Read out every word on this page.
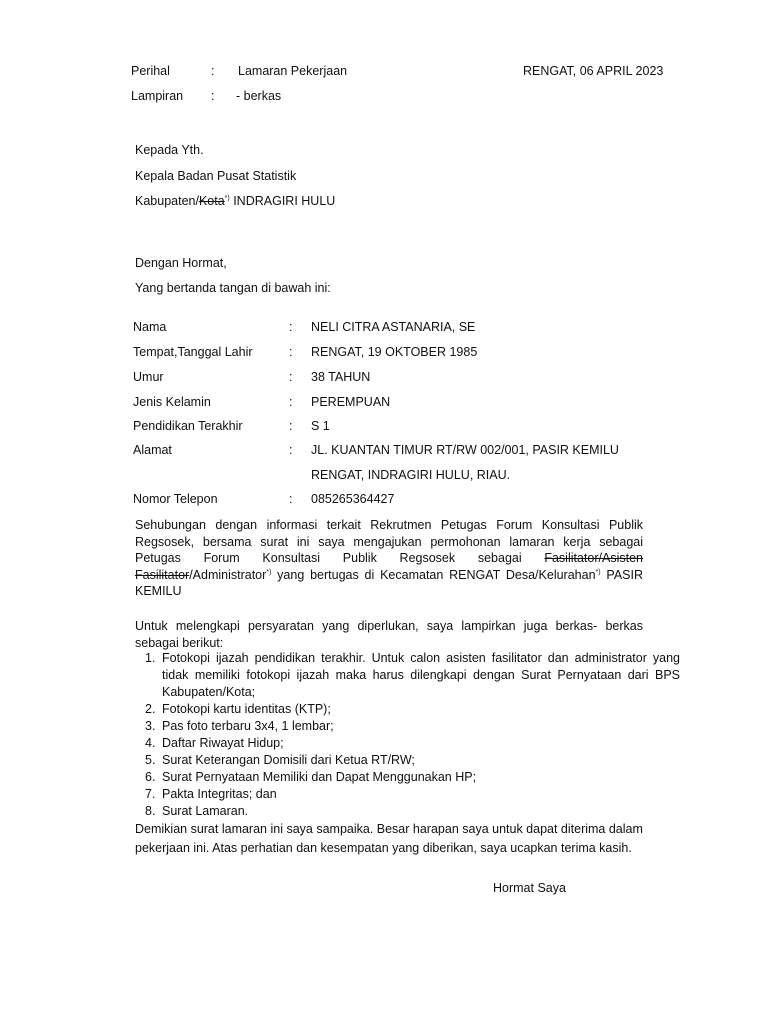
Perihal	: Lamaran Pekerjaan	RENGAT, 06 APRIL 2023
Lampiran : - berkas
Kepada Yth.
Kepala Badan Pusat Statistik
Kabupaten/Kota*) INDRAGIRI HULU
Dengan Hormat,
Yang bertanda tangan di bawah ini:
Nama	: NELI CITRA ASTANARIA, SE
Tempat,Tanggal Lahir	: RENGAT, 19 OKTOBER 1985
Umur	: 38 TAHUN
Jenis Kelamin	: PEREMPUAN
Pendidikan Terakhir	: S 1
Alamat	: JL. KUANTAN TIMUR RT/RW 002/001, PASIR KEMILU
RENGAT, INDRAGIRI HULU, RIAU.
Nomor Telepon	: 085265364427
Sehubungan dengan informasi terkait Rekrutmen Petugas Forum Konsultasi Publik Regsosek, bersama surat ini saya mengajukan permohonan lamaran kerja sebagai Petugas Forum Konsultasi Publik Regsosek sebagai Fasilitator/Asisten Fasilitator/Administrator*) yang bertugas di Kecamatan RENGAT Desa/Kelurahan*) PASIR KEMILU
Untuk melengkapi persyaratan yang diperlukan, saya lampirkan juga berkas- berkas sebagai berikut:
1. Fotokopi ijazah pendidikan terakhir. Untuk calon asisten fasilitator dan administrator yang tidak memiliki fotokopi ijazah maka harus dilengkapi dengan Surat Pernyataan dari BPS Kabupaten/Kota;
2. Fotokopi kartu identitas (KTP);
3. Pas foto terbaru 3x4, 1 lembar;
4. Daftar Riwayat Hidup;
5. Surat Keterangan Domisili dari Ketua RT/RW;
6. Surat Pernyataan Memiliki dan Dapat Menggunakan HP;
7. Pakta Integritas; dan
8. Surat Lamaran.
Demikian surat lamaran ini saya sampaika. Besar harapan saya untuk dapat diterima dalam
pekerjaan ini. Atas perhatian dan kesempatan yang diberikan, saya ucapkan terima kasih.
Hormat Saya
